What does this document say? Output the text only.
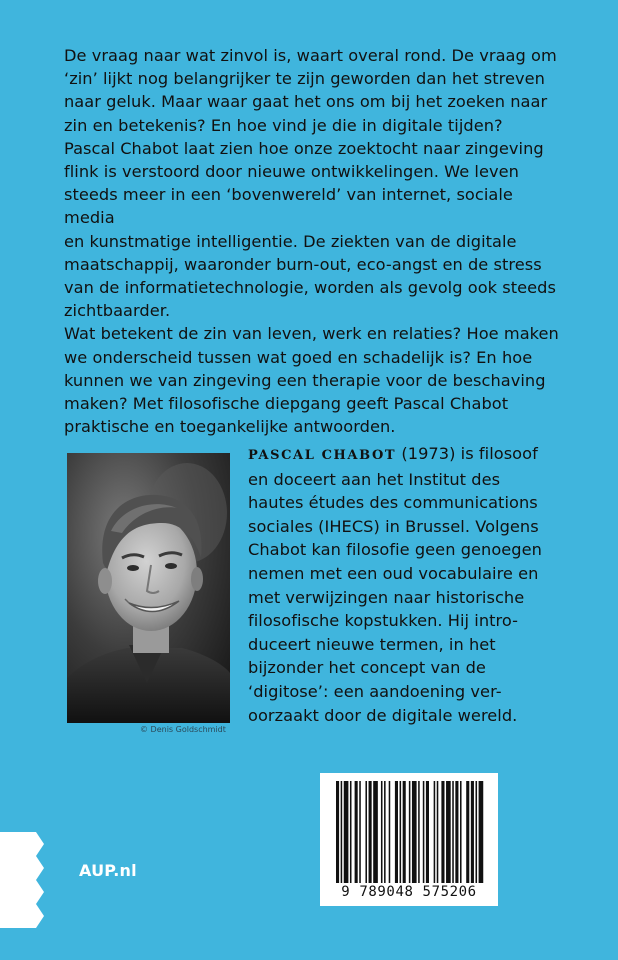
De vraag naar wat zinvol is, waart overal rond. De vraag om

‘zin’ lijkt nog belangrijker te zijn geworden dan het streven

naar geluk. Maar waar gaat het ons om bij het zoeken naar

zin en betekenis? En hoe vind je die in digitale tijden?

Pascal Chabot laat zien hoe onze zoektocht naar zingeving

flink is verstoord door nieuwe ontwikkelingen. We leven

steeds meer in een ‘bovenwereld’ van internet, sociale media

en kunstmatige intelligentie. De ziekten van de digitale

maatschappij, waaronder burn-out, eco-angst en de stress

van de informatietechnologie, worden als gevolg ook steeds

zichtbaarder.

Wat betekent de zin van leven, werk en relaties? Hoe maken

we onderscheid tussen wat goed en schadelijk is? En hoe

kunnen we van zingeving een therapie voor de beschaving

maken? Met filosofische diepgang geeft Pascal Chabot

praktische en toegankelijke antwoorden.

© Denis Goldschmidt
PASCAL CHABOT (1973) is filosoof
en doceert aan het Institut des
hautes études des communications
sociales (IHECS) in Brussel. Volgens
Chabot kan filosofie geen genoegen
nemen met een oud vocabulaire en
met verwijzingen naar historische
filosofische kopstukken. Hij intro-
duceert nieuwe termen, in het
bijzonder het concept van de
‘digitose’: een aandoening ver-
oorzaakt door de digitale wereld.
9 789048 575206
AUP.nl
